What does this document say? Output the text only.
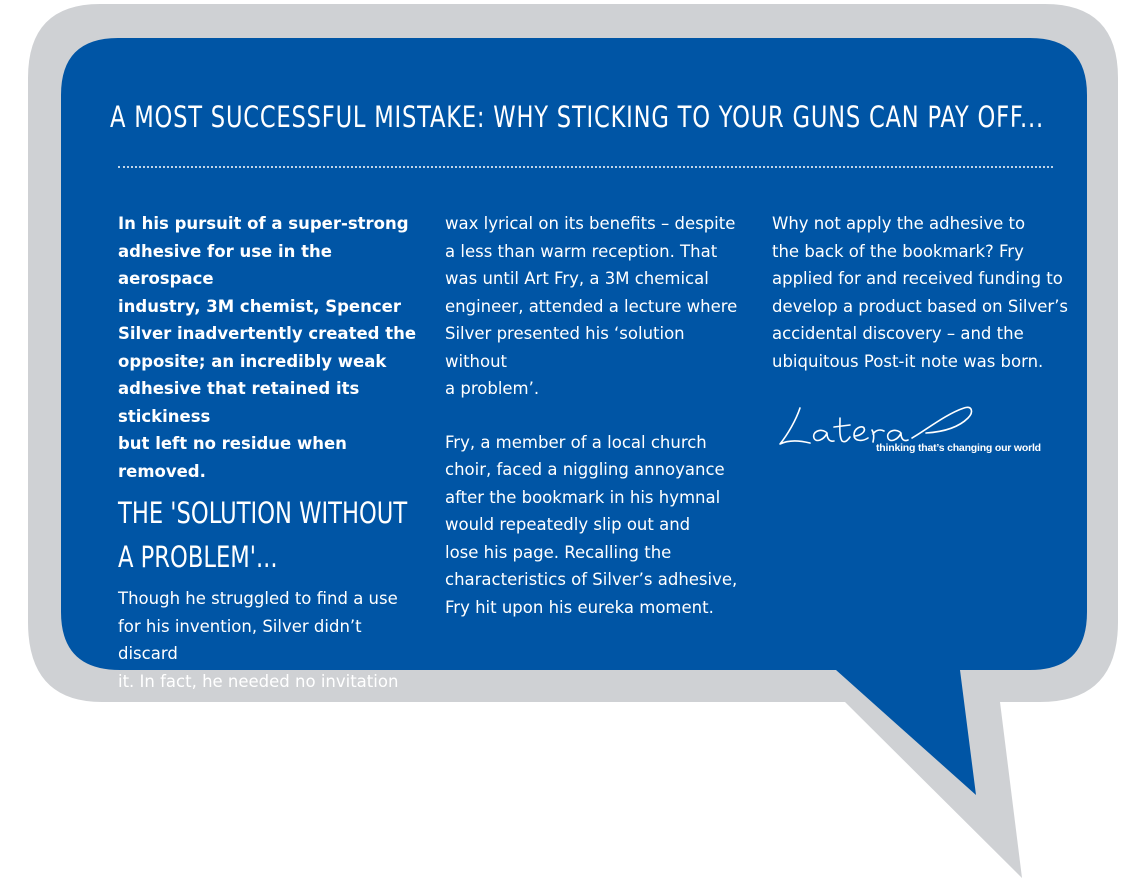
A MOST SUCCESSFUL MISTAKE: WHY STICKING TO YOUR GUNS CAN PAY OFF...

In his pursuit of a super-strong
adhesive for use in the aerospace
industry, 3M chemist, Spencer
Silver inadvertently created the
opposite; an incredibly weak
adhesive that retained its stickiness
but left no residue when removed.

THE 'SOLUTION WITHOUT
A PROBLEM'...

Though he struggled to find a use
for his invention, Silver didn’t discard
it. In fact, he needed no invitation to

wax lyrical on its benefits – despite
a less than warm reception. That
was until Art Fry, a 3M chemical
engineer, attended a lecture where
Silver presented his ‘solution without
a problem’.

Fry, a member of a local church
choir, faced a niggling annoyance
after the bookmark in his hymnal
would repeatedly slip out and
lose his page. Recalling the
characteristics of Silver’s adhesive,
Fry hit upon his eureka moment.

Why not apply the adhesive to
the back of the bookmark? Fry
applied for and received funding to
develop a product based on Silver’s
accidental discovery – and the
ubiquitous Post-it note was born.

thinking that’s changing our world
